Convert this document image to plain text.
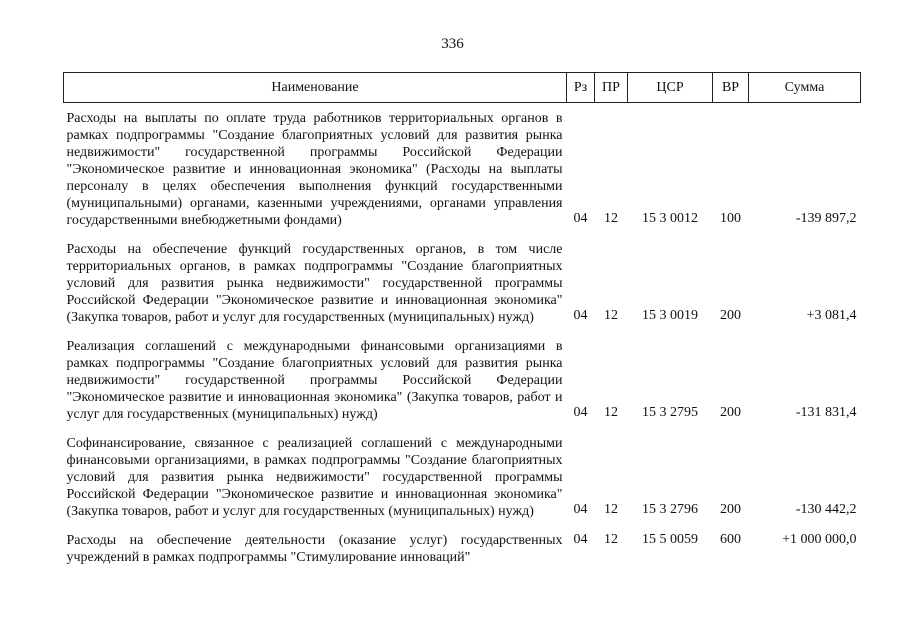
336
Наименование	Рз	ПР	ЦСР	ВР	Сумма
Расходы на выплаты по оплате труда работников территориальных органов в рамках подпрограммы "Создание благоприятных условий для развития рынка недвижимости" государственной программы Российской Федерации "Экономическое развитие и инновационная экономика" (Расходы на выплаты персоналу в целях обеспечения выполнения функций государственными (муниципальными) органами, казенными учреждениями, органами управления государственными внебюджетными фондами)	04	12	15 3 0012	100	-139 897,2
Расходы на обеспечение функций государственных органов, в том числе территориальных органов, в рамках подпрограммы "Создание благоприятных условий для развития рынка недвижимости" государственной программы Российской Федерации "Экономическое развитие и инновационная экономика" (Закупка товаров, работ и услуг для государственных (муниципальных) нужд)	04	12	15 3 0019	200	+3 081,4
Реализация соглашений с международными финансовыми организациями в рамках подпрограммы "Создание благоприятных условий для развития рынка недвижимости" государственной программы Российской Федерации "Экономическое развитие и инновационная экономика" (Закупка товаров, работ и услуг для государственных (муниципальных) нужд)	04	12	15 3 2795	200	-131 831,4
Софинансирование, связанное с реализацией соглашений с международными финансовыми организациями, в рамках подпрограммы "Создание благоприятных условий для развития рынка недвижимости" государственной программы Российской Федерации "Экономическое развитие и инновационная экономика" (Закупка товаров, работ и услуг для государственных (муниципальных) нужд)	04	12	15 3 2796	200	-130 442,2
Расходы на обеспечение деятельности (оказание услуг) государственных учреждений в рамках подпрограммы "Стимулирование инноваций"	04	12	15 5 0059	600	+1 000 000,0
